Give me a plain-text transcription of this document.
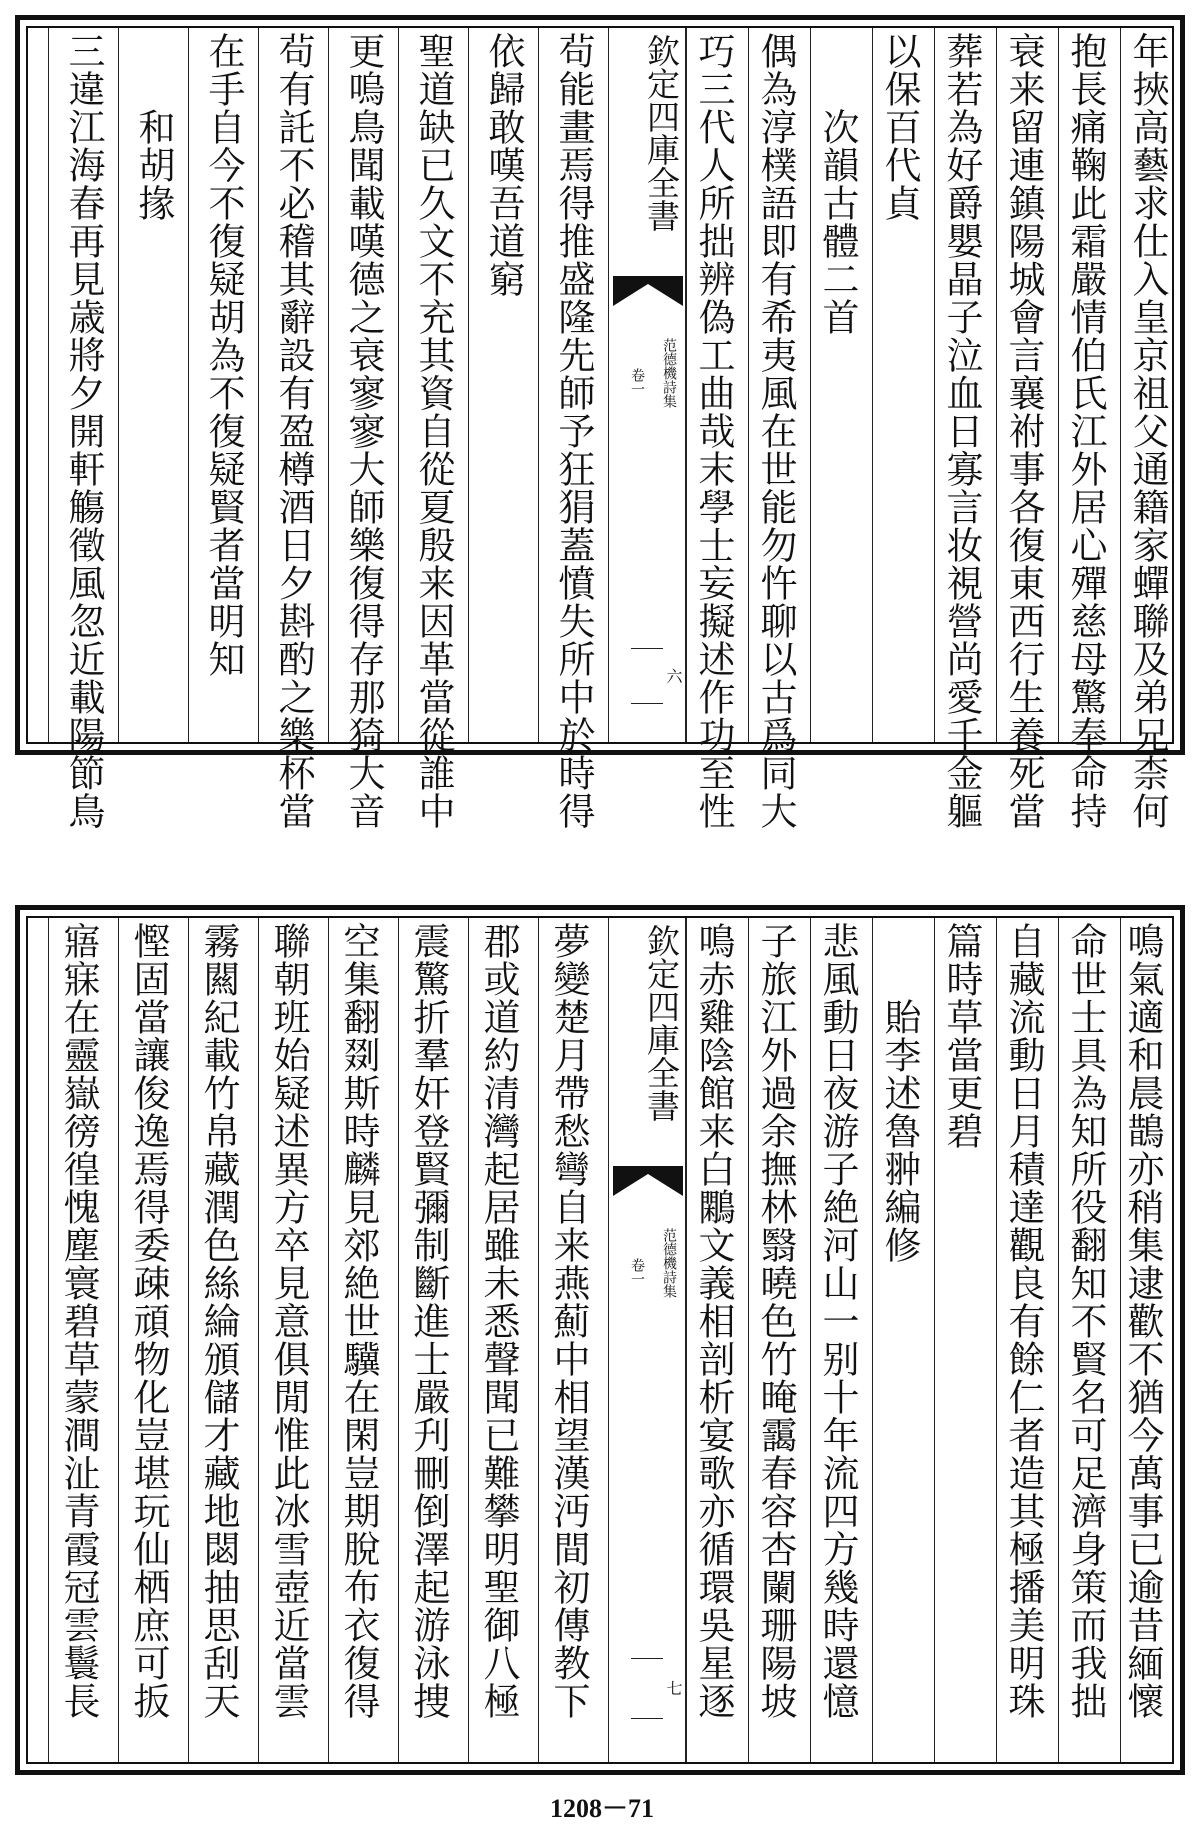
年挾高藝求仕入皇京祖父通籍家蟬聯及弟兄柰何
抱長痛鞠此霜嚴情伯氏江外居心殫慈母驚奉命持
衰来留連鎮陽城會言襄祔事各復東西行生養死當
葬若為好爵嬰晶子泣血日寡言妆視營尚愛千金軀
以保百代貞
　　次韻古體二首
偶為淳樸語即有希夷風在世能勿忤聊以古爲同大
巧三代人所拙辨偽工曲哉末學士妄擬述作功至性
欽定四庫全書
范德機詩集
卷一
六
茍能畫焉得推盛隆先師予狂狷蓋憤失所中於時得
依歸敢嘆吾道窮
聖道缺已久文不充其資自從夏殷来因革當從誰中
更嗚鳥聞載嘆德之衰寥寥大師樂復得存那猗大音
茍有託不必稽其辭設有盈樽酒日夕斟酌之樂杯當
在手自今不復疑胡為不復疑賢者當明知
　　和胡掾
三違江海春再見歳將夕開軒觴徵風忽近載陽節鳥
鳴氣適和晨鵲亦稍集逮歡不猶今萬事已逾昔緬懷
命世士具為知所役翻知不賢名可足濟身策而我拙
自藏流動日月積達觀良有餘仁者造其極播美明珠
篇時草當更碧
　　貽李述魯翀編修
悲風動日夜游子絶河山一别十年流四方幾時還憶
子旅江外過余撫林翳曉色竹晻靄春容杏闌珊陽坡
鳴赤雞陰館来白鷴文義相剖析宴歌亦循環吳星逐
欽定四庫全書
范德機詩集
卷一
七
夢變楚月帶愁彎自来燕薊中相望漢沔間初傳教下
郡或道約清灣起居雖未悉聲聞已難攀明聖御八極
震驚折羣奸登賢彌制斷進士嚴刋刪倒澤起游泳捜
空集翻剟斯時麟見郊絶世驥在閑豈期脫布衣復得
聯朝班始疑述異方卒見意俱閒惟此冰雪壺近當雲
霧闗紀載竹帛藏潤色絲綸頒儲才藏地閟抽思刮天
慳固當讓俊逸焉得委疎頑物化豈堪玩仙栖庶可扳
寤寐在靈嶽徬徨愧塵寰碧草蒙澗沚青霞冠雲鬟長
1208－71
